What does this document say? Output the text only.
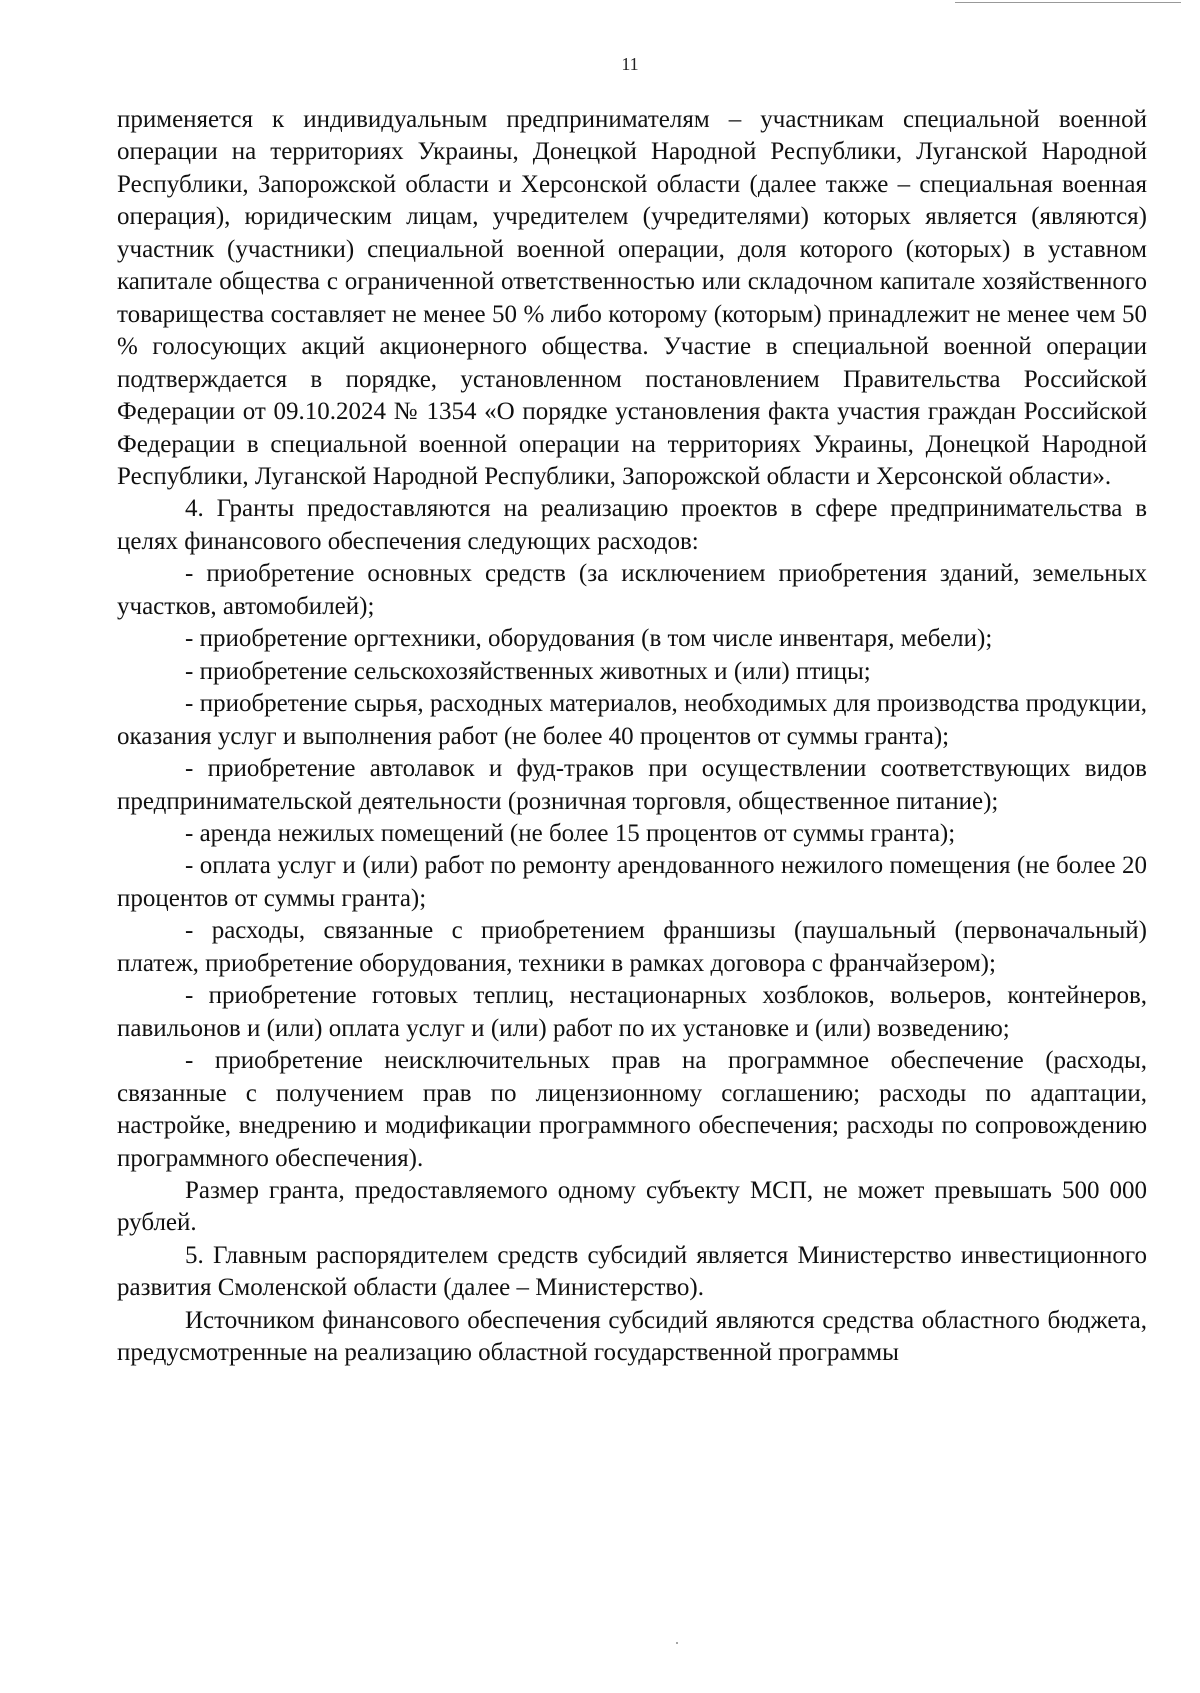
11

применяется к индивидуальным предпринимателям – участникам специальной военной операции на территориях Украины, Донецкой Народной Республики, Луганской Народной Республики, Запорожской области и Херсонской области (далее также – специальная военная операция), юридическим лицам, учредителем (учредителями) которых является (являются) участник (участники) специальной военной операции, доля которого (которых) в уставном капитале общества с ограниченной ответственностью или складочном капитале хозяйственного товарищества составляет не менее 50 % либо которому (которым) принадлежит не менее чем 50 % голосующих акций акционерного общества. Участие в специальной военной операции подтверждается в порядке, установленном постановлением Правительства Российской Федерации от 09.10.2024 № 1354 «О порядке установления факта участия граждан Российской Федерации в специальной военной операции на территориях Украины, Донецкой Народной Республики, Луганской Народной Республики, Запорожской области и Херсонской области».

4. Гранты предоставляются на реализацию проектов в сфере предпринимательства в целях финансового обеспечения следующих расходов:

- приобретение основных средств (за исключением приобретения зданий, земельных участков, автомобилей);

- приобретение оргтехники, оборудования (в том числе инвентаря, мебели);

- приобретение сельскохозяйственных животных и (или) птицы;

- приобретение сырья, расходных материалов, необходимых для производства продукции, оказания услуг и выполнения работ (не более 40 процентов от суммы гранта);

- приобретение автолавок и фуд-траков при осуществлении соответствующих видов предпринимательской деятельности (розничная торговля, общественное питание);

- аренда нежилых помещений (не более 15 процентов от суммы гранта);

- оплата услуг и (или) работ по ремонту арендованного нежилого помещения (не более 20 процентов от суммы гранта);

- расходы, связанные с приобретением франшизы (паушальный (первоначальный) платеж, приобретение оборудования, техники в рамках договора с франчайзером);

- приобретение готовых теплиц, нестационарных хозблоков, вольеров, контейнеров, павильонов и (или) оплата услуг и (или) работ по их установке и (или) возведению;

- приобретение неисключительных прав на программное обеспечение (расходы, связанные с получением прав по лицензионному соглашению; расходы по адаптации, настройке, внедрению и модификации программного обеспечения; расходы по сопровождению программного обеспечения).

Размер гранта, предоставляемого одному субъекту МСП, не может превышать 500 000 рублей.

5. Главным распорядителем средств субсидий является Министерство инвестиционного развития Смоленской области (далее – Министерство).

Источником финансового обеспечения субсидий являются средства областного бюджета, предусмотренные на реализацию областной государственной программы
